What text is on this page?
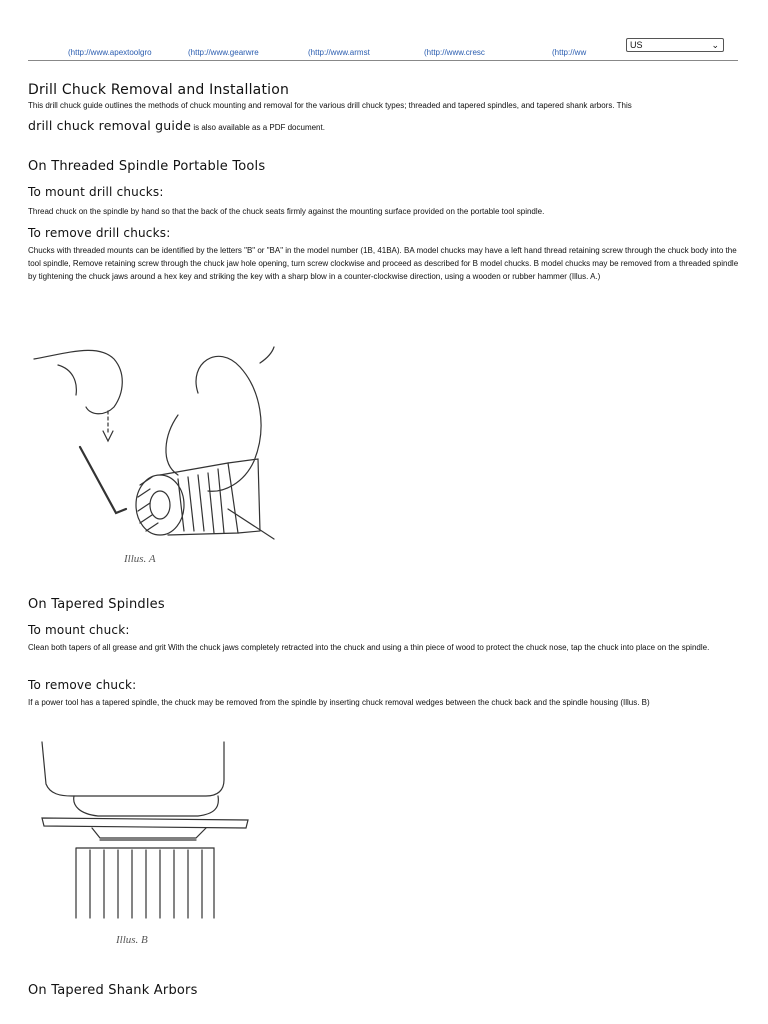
(http://www.apextoolgro	(http://www.gearwre	(http://www.armst	(http://www.cresc	(http://ww
US	⌄
Drill Chuck Removal and Installation

This drill chuck guide outlines the methods of chuck mounting and removal for the various drill chuck types; threaded and tapered spindles, and tapered shank arbors. This

drill chuck removal guide is also available as a PDF document.
On Threaded Spindle Portable Tools
To mount drill chucks:

Thread chuck on the spindle by hand so that the back of the chuck seats firmly against the mounting surface provided on the portable tool spindle.

To remove drill chucks:

Chucks with threaded mounts can be identified by the letters "B" or "BA" in the model number (1B, 41BA). BA model chucks may have a left hand thread retaining screw through the chuck body into the tool spindle, Remove retaining screw through the chuck jaw hole opening, turn screw clockwise and proceed as described for B model chucks. B model chucks may be removed from a threaded spindle by tightening the chuck jaws around a hex key and striking the key with a sharp blow in a counter-clockwise direction, using a wooden or rubber hammer (Illus. A.)

Illus. A
On Tapered Spindles
To mount chuck:

Clean both tapers of all grease and grit With the chuck jaws completely retracted into the chuck and using a thin piece of wood to protect the chuck nose, tap the chuck into place on the spindle.

To remove chuck:

If a power tool has a tapered spindle, the chuck may be removed from the spindle by inserting chuck removal wedges between the chuck back and the spindle housing (Illus. B)

Illus. B
On Tapered Shank Arbors
